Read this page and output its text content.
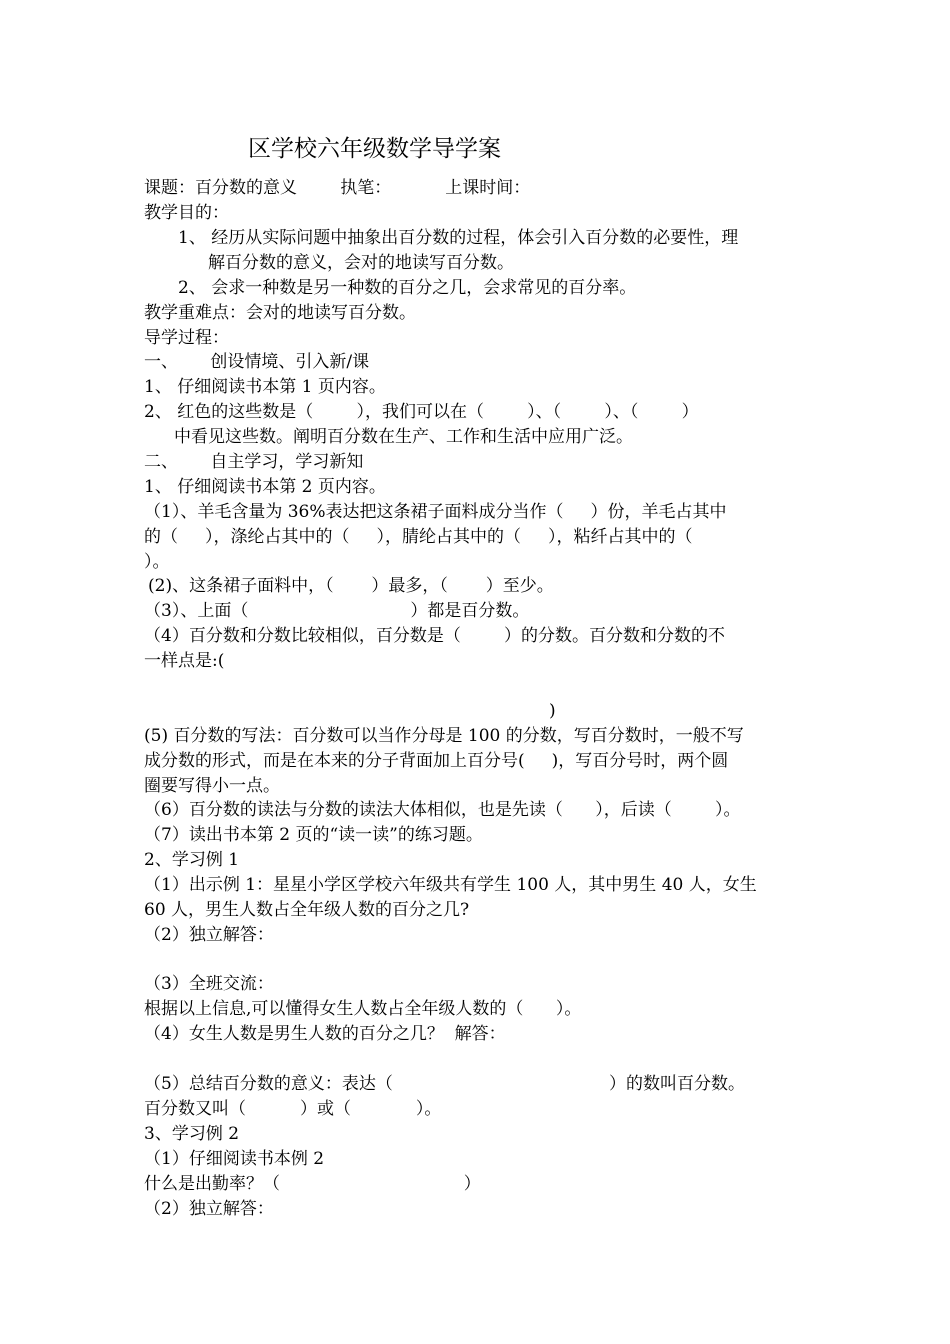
区学校六年级数学导学案
课题：百分数的意义        执笔：          上课时间：
教学目的：
1、 经历从实际问题中抽象出百分数的过程，体会引入百分数的必要性，理
解百分数的意义，会对的地读写百分数。
2、 会求一种数是另一种数的百分之几，会求常见的百分率。
教学重难点：会对的地读写百分数。
导学过程：
一、      创设情境、引入新/课
1、 仔细阅读书本第 1 页内容。
2、 红色的这些数是（        ），我们可以在（        ）、（        ）、（        ）
中看见这些数。阐明百分数在生产、工作和生活中应用广泛。
二、      自主学习，学习新知
1、 仔细阅读书本第 2 页内容。
（1）、羊毛含量为 36%表达把这条裙子面料成分当作（     ）份，羊毛占其中
的（     ），涤纶占其中的（     ），腈纶占其中的（     ），粘纤占其中的（
）。
(2)、这条裙子面料中，（       ）最多，（       ）至少。
（3）、上面（                              ）都是百分数。
（4）百分数和分数比较相似，百分数是（        ）的分数。百分数和分数的不
一样点是:(
)
(5) 百分数的写法：百分数可以当作分母是 100 的分数，写百分数时，一般不写
成分数的形式，而是在本来的分子背面加上百分号(     )，写百分号时，两个圆
圈要写得小一点。
（6）百分数的读法与分数的读法大体相似，也是先读（      ），后读（        ）。
（7）读出书本第 2 页的“读一读”的练习题。
2、学习例 1
（1）出示例 1：星星小学区学校六年级共有学生 100 人，其中男生 40 人，女生
60 人，男生人数占全年级人数的百分之几?
（2）独立解答：
（3）全班交流：
根据以上信息,可以懂得女生人数占全年级人数的（      ）。
（4）女生人数是男生人数的百分之几？  解答：
（5）总结百分数的意义：表达（                                        ）的数叫百分数。
百分数又叫（          ）或（            ）。
3、学习例 2
（1）仔细阅读书本例 2
什么是出勤率？（                                  ）
（2）独立解答：
